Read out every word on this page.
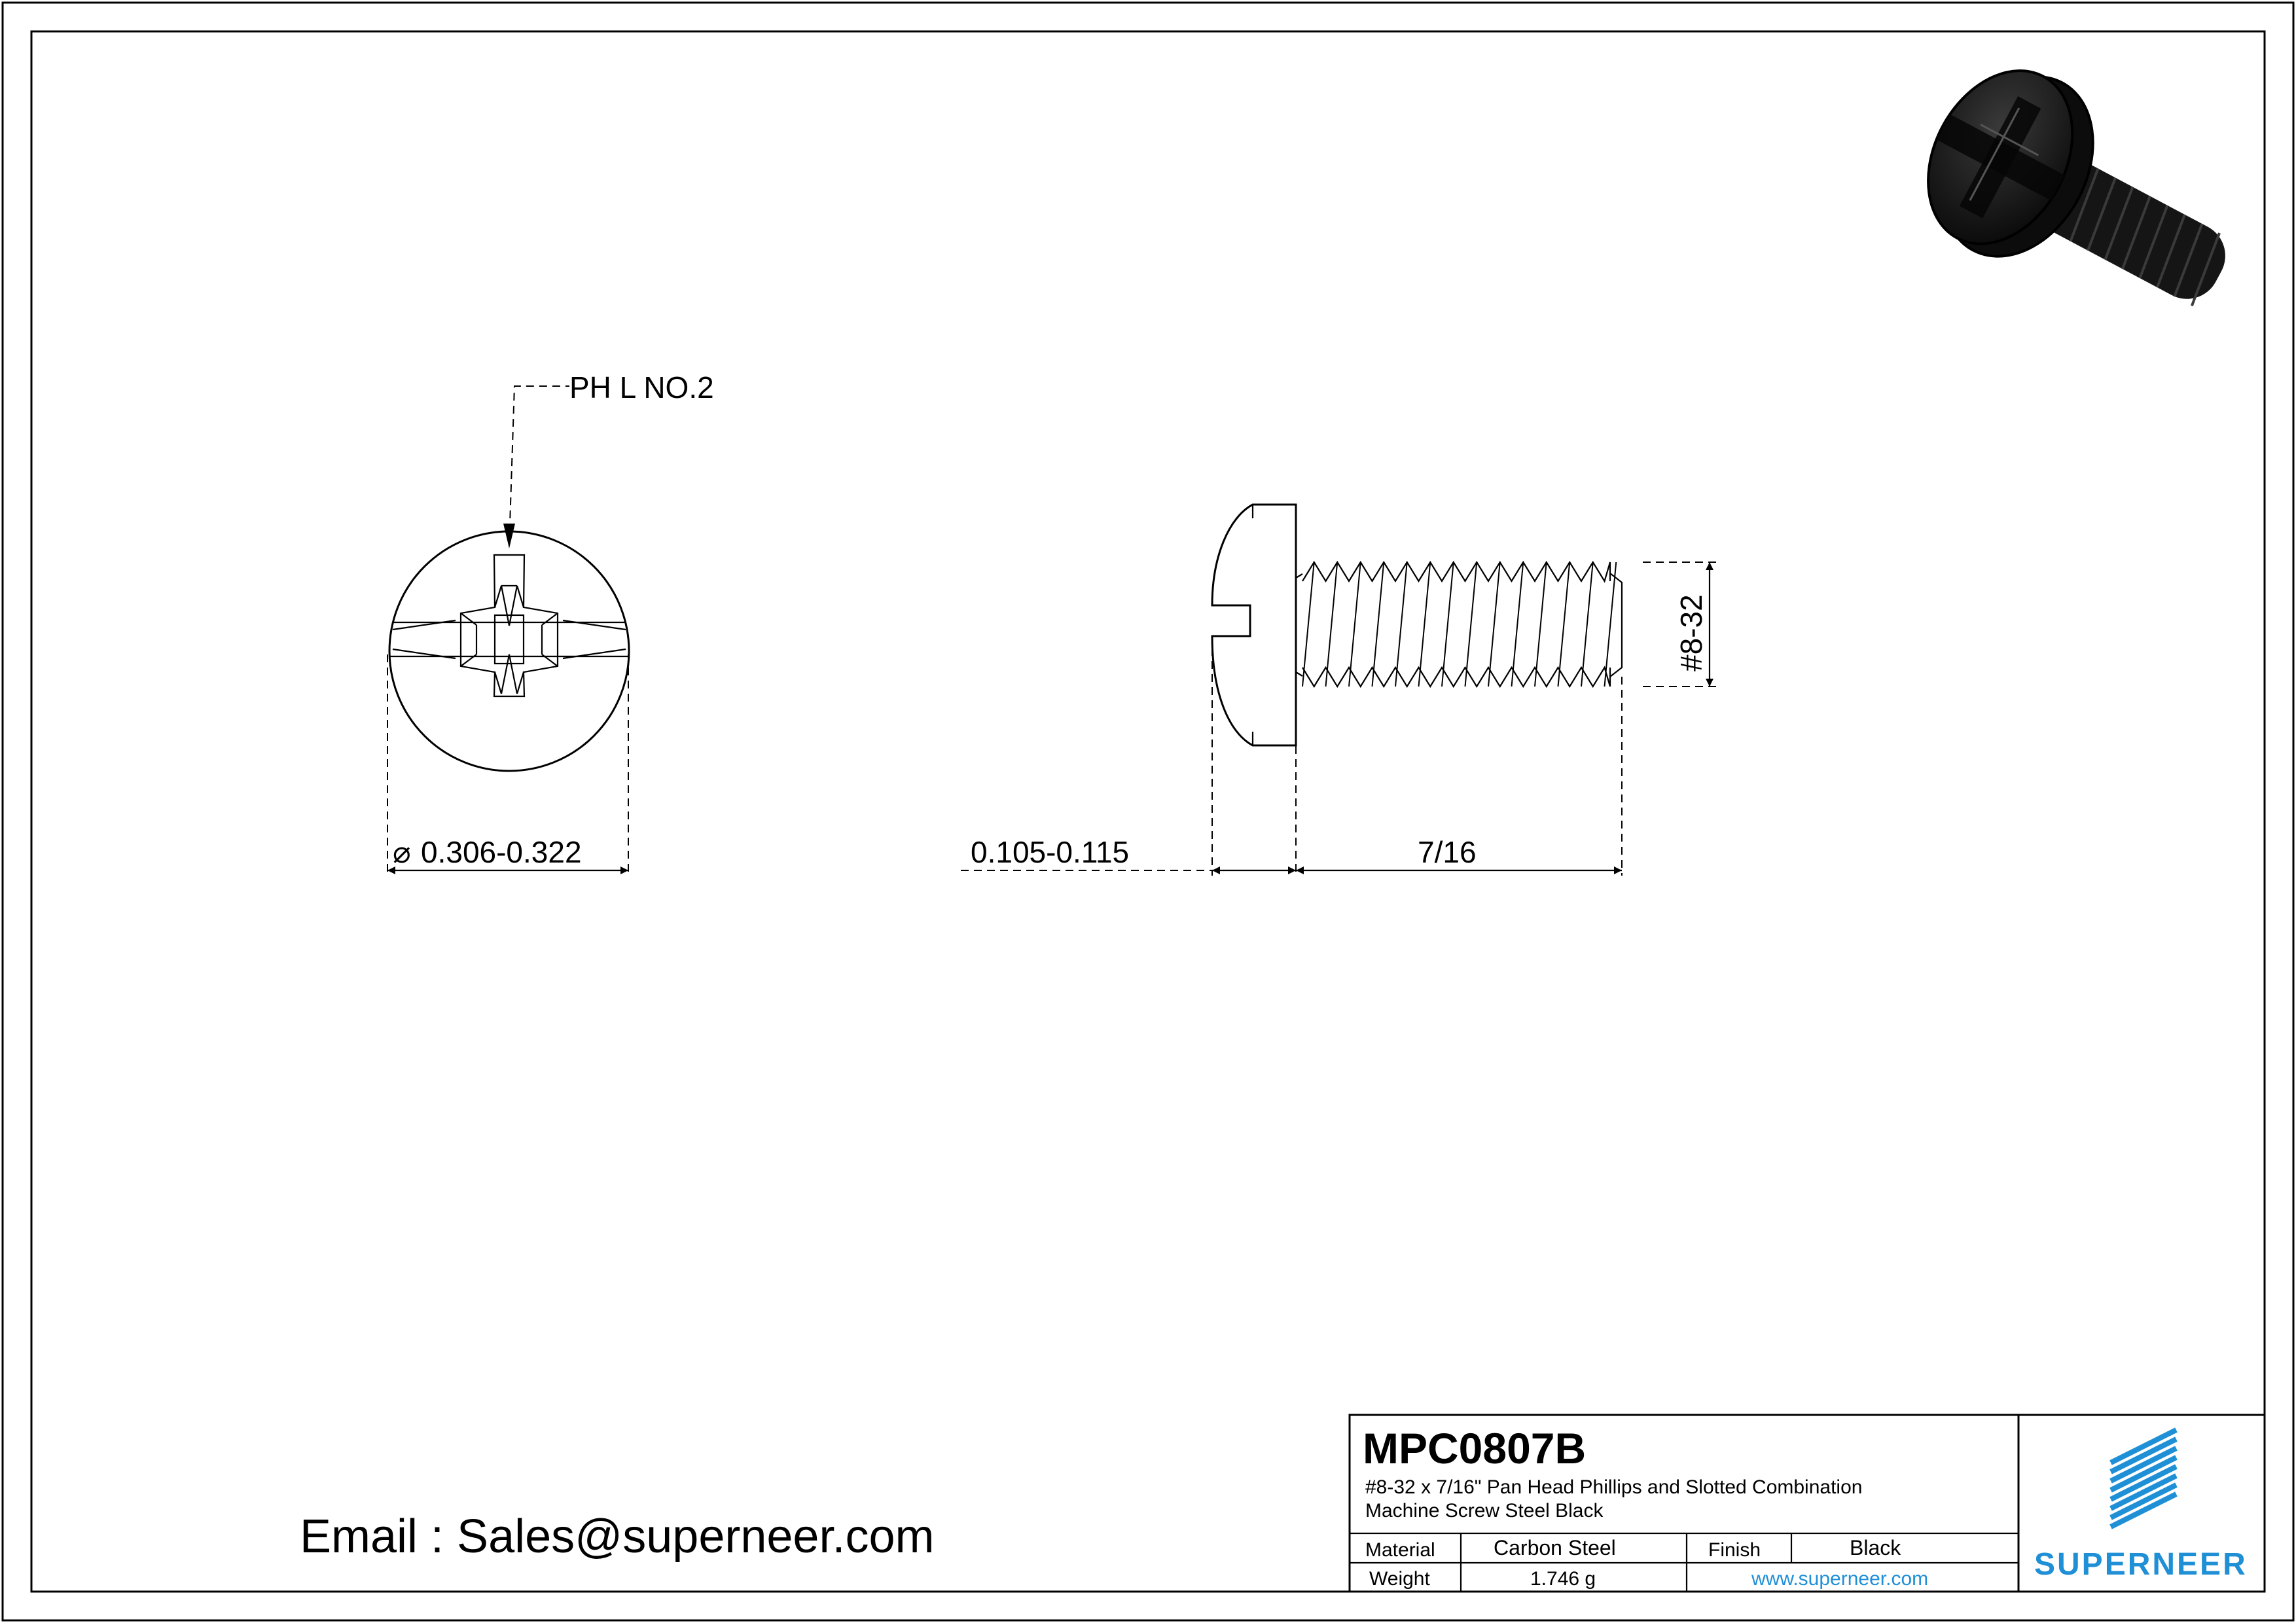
PH L NO.2
⌀ 0.306-0.322	0.105-0.115	7/16
#8-32
Email : Sales@superneer.com
MPC0807B
#8-32 x 7/16" Pan Head Phillips and Slotted Combination
Machine Screw Steel Black
Material	Carbon Steel	Finish	Black
Weight	1.746 g	www.superneer.com	SUPERNEER
